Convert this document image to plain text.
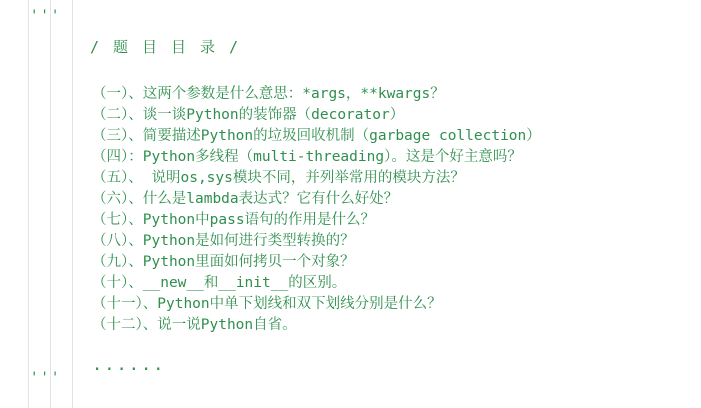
'''
/题目目录/
（一）、这两个参数是什么意思：*args，**kwargs？
（二）、谈一谈Python的装饰器（decorator）
（三）、简要描述Python的垃圾回收机制（garbage collection）
（四）：Python多线程（multi-threading）。这是个好主意吗？
（五）、 说明os,sys模块不同，并列举常用的模块方法？
（六）、什么是lambda表达式？它有什么好处？
（七）、Python中pass语句的作用是什么？
（八）、Python是如何进行类型转换的？
（九）、Python里面如何拷贝一个对象？
（十）、__new__和__init__的区别。
（十一）、Python中单下划线和双下划线分别是什么？
（十二）、说一说Python自省。
......
'''
